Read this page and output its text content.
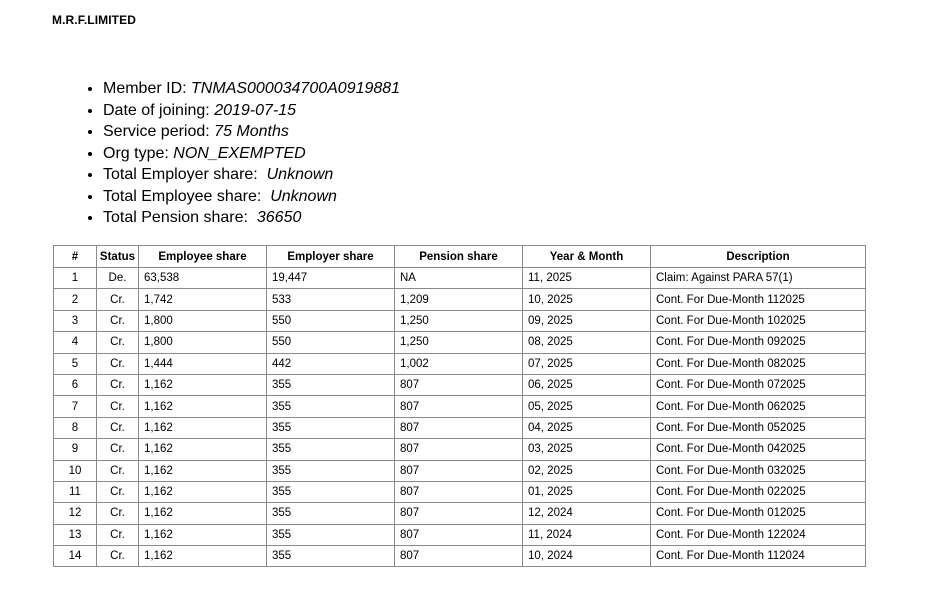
M.R.F.LIMITED
• Member ID: TNMAS000034700A0919881
• Date of joining: 2019-07-15
• Service period: 75 Months
• Org type: NON_EXEMPTED
• Total Employer share: Unknown
• Total Employee share: Unknown
• Total Pension share: 36650
#	Status	Employee share	Employer share	Pension share	Year & Month	Description
1	De.	63,538	19,447	NA	11, 2025	Claim: Against PARA 57(1)
2	Cr.	1,742	533	1,209	10, 2025	Cont. For Due-Month 112025
3	Cr.	1,800	550	1,250	09, 2025	Cont. For Due-Month 102025
4	Cr.	1,800	550	1,250	08, 2025	Cont. For Due-Month 092025
5	Cr.	1,444	442	1,002	07, 2025	Cont. For Due-Month 082025
6	Cr.	1,162	355	807	06, 2025	Cont. For Due-Month 072025
7	Cr.	1,162	355	807	05, 2025	Cont. For Due-Month 062025
8	Cr.	1,162	355	807	04, 2025	Cont. For Due-Month 052025
9	Cr.	1,162	355	807	03, 2025	Cont. For Due-Month 042025
10	Cr.	1,162	355	807	02, 2025	Cont. For Due-Month 032025
11	Cr.	1,162	355	807	01, 2025	Cont. For Due-Month 022025
12	Cr.	1,162	355	807	12, 2024	Cont. For Due-Month 012025
13	Cr.	1,162	355	807	11, 2024	Cont. For Due-Month 122024
14	Cr.	1,162	355	807	10, 2024	Cont. For Due-Month 112024
